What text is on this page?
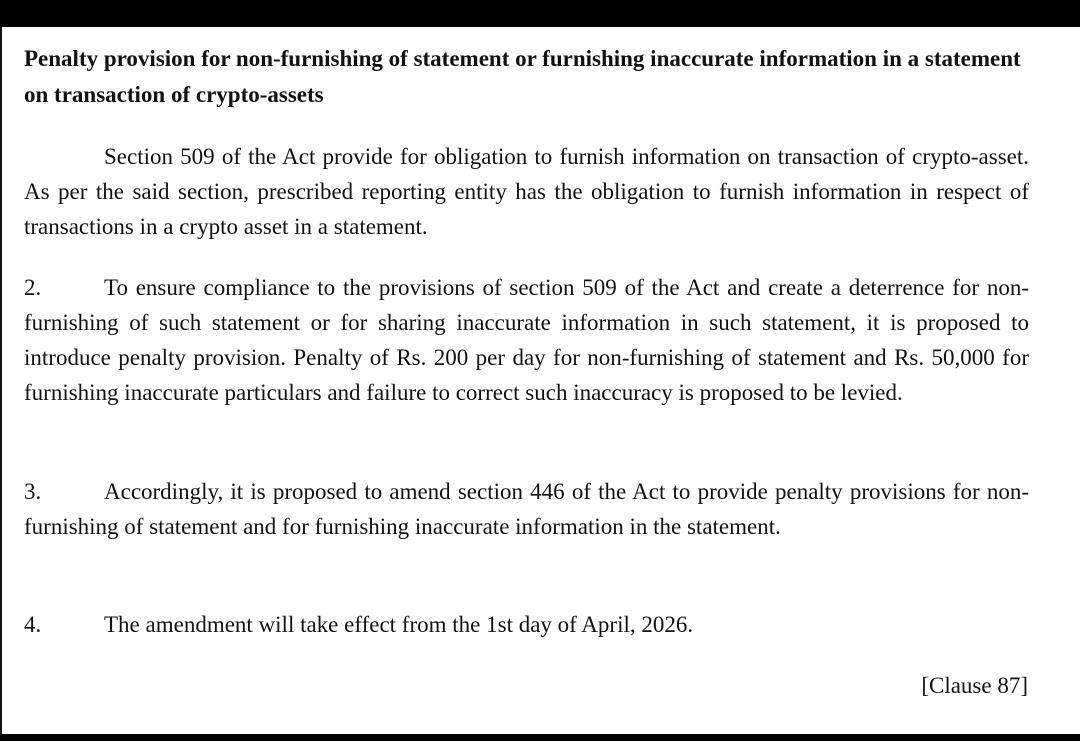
Penalty provision for non-furnishing of statement or furnishing inaccurate information in a statement on transaction of crypto-assets
Section 509 of the Act provide for obligation to furnish information on transaction of crypto-asset. As per the said section, prescribed reporting entity has the obligation to furnish information in respect of transactions in a crypto asset in a statement.
2.	To ensure compliance to the provisions of section 509 of the Act and create a deterrence for non-furnishing of such statement or for sharing inaccurate information in such statement, it is proposed to introduce penalty provision. Penalty of Rs. 200 per day for non-furnishing of statement and Rs. 50,000 for furnishing inaccurate particulars and failure to correct such inaccuracy is proposed to be levied.
3.	Accordingly, it is proposed to amend section 446 of the Act to provide penalty provisions for non-furnishing of statement and for furnishing inaccurate information in the statement.
4.	The amendment will take effect from the 1st day of April, 2026.
[Clause 87]
